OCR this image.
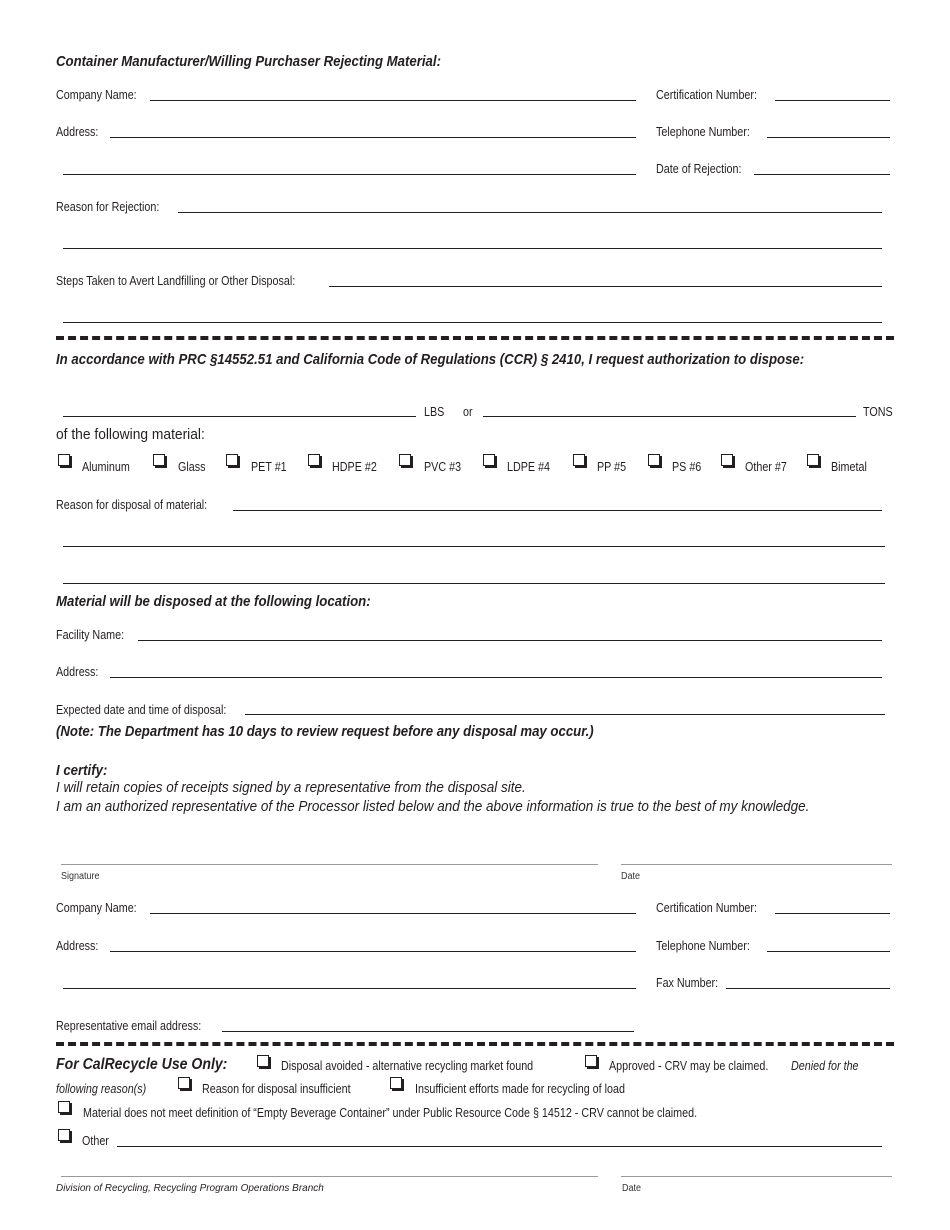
Container Manufacturer/Willing Purchaser Rejecting Material:
Company Name:	Certification Number:
Address:	Telephone Number:
Date of Rejection:
Reason for Rejection:
Steps Taken to Avert Landfilling or Other Disposal:
In accordance with PRC §14552.51 and California Code of Regulations (CCR) § 2410, I request authorization to dispose:
LBS or	TONS
of the following material:
Aluminum	Glass	PET #1	HDPE #2	PVC #3	LDPE #4	PP #5	PS #6	Other #7	Bimetal
Reason for disposal of material:
Material will be disposed at the following location:
Facility Name:
Address:
Expected date and time of disposal:
(Note: The Department has 10 days to review request before any disposal may occur.)
I certify:
I will retain copies of receipts signed by a representative from the disposal site.
I am an authorized representative of the Processor listed below and the above information is true to the best of my knowledge.
Signature	Date
Company Name:	Certification Number:
Address:	Telephone Number:
Fax Number:
Representative email address:
For CalRecycle Use Only:	Disposal avoided - alternative recycling market found	Approved - CRV may be claimed. Denied for the
following reason(s)	Reason for disposal insufficient	Insufficient efforts made for recycling of load
Material does not meet definition of “Empty Beverage Container” under Public Resource Code § 14512 - CRV cannot be claimed.
Other
Division of Recycling, Recycling Program Operations Branch	Date
